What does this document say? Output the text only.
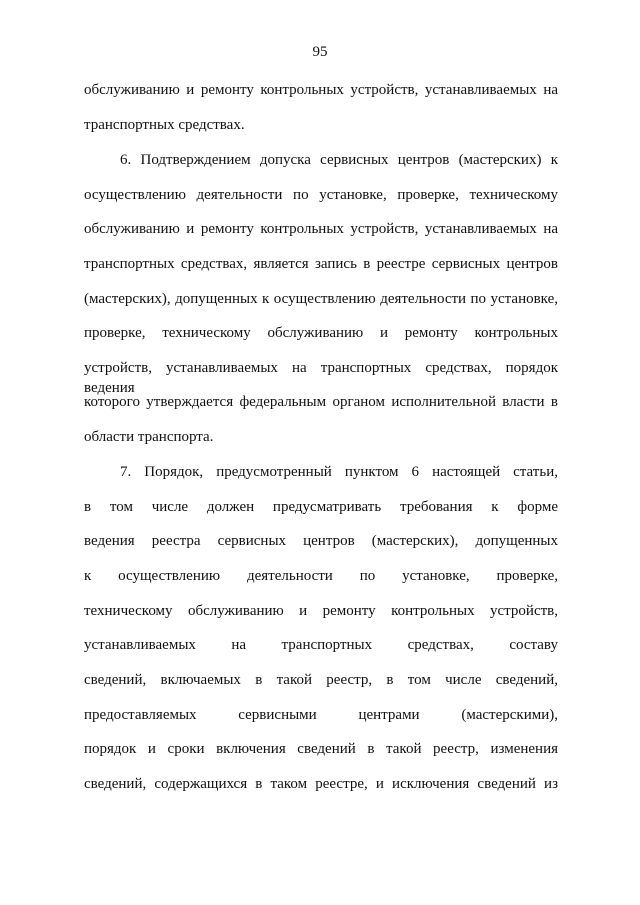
95
обслуживанию и ремонту контрольных устройств, устанавливаемых на
транспортных средствах.
6. Подтверждением допуска сервисных центров (мастерских) к
осуществлению деятельности по установке, проверке, техническому
обслуживанию и ремонту контрольных устройств, устанавливаемых на
транспортных средствах, является запись в реестре сервисных центров
(мастерских), допущенных к осуществлению деятельности по установке,
проверке, техническому обслуживанию и ремонту контрольных
устройств, устанавливаемых на транспортных средствах, порядок ведения
которого утверждается федеральным органом исполнительной власти в
области транспорта.
7. Порядок, предусмотренный пунктом 6 настоящей статьи,
в том числе должен предусматривать требования к форме
ведения реестра сервисных центров (мастерских), допущенных
к осуществлению деятельности по установке, проверке,
техническому обслуживанию и ремонту контрольных устройств,
устанавливаемых на транспортных средствах, составу
сведений, включаемых в такой реестр, в том числе сведений,
предоставляемых сервисными центрами (мастерскими),
порядок и сроки включения сведений в такой реестр, изменения
сведений, содержащихся в таком реестре, и исключения сведений из
